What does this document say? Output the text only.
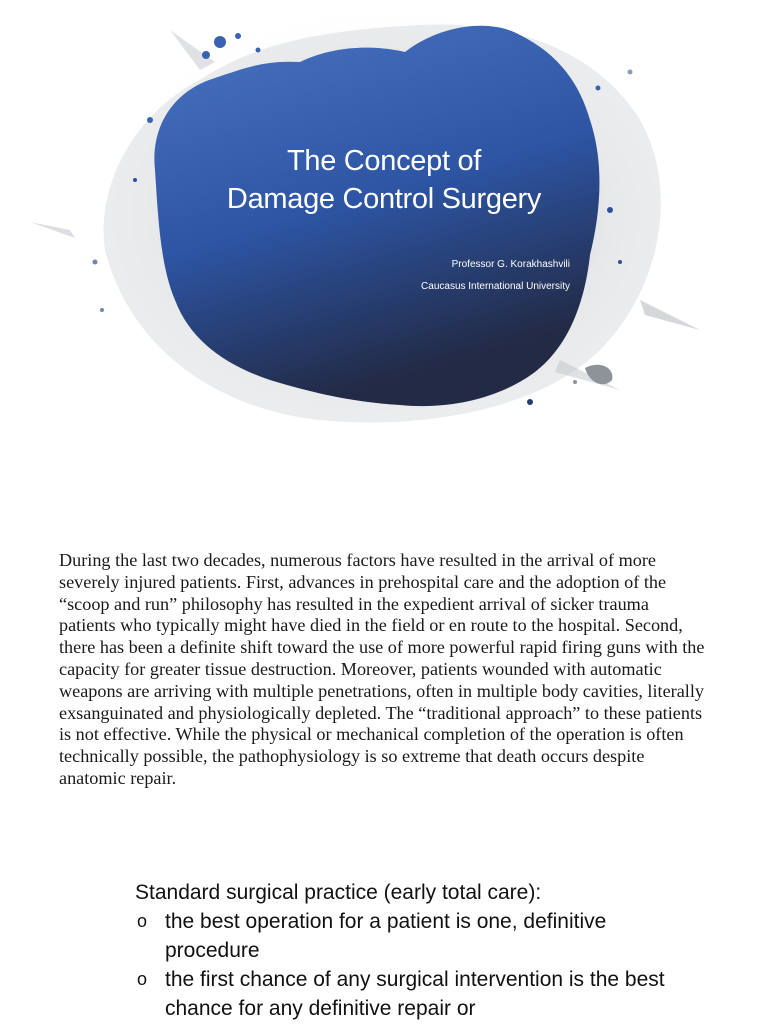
The Concept of
Damage Control Surgery
Professor G. Korakhashvili
Caucasus International University

During the last two decades, numerous factors have resulted in the arrival of more severely injured patients. First, advances in prehospital care and the adoption of the “scoop and run” philosophy has resulted in the expedient arrival of sicker trauma patients who typically might have died in the field or en route to the hospital. Second, there has been a definite shift toward the use of more powerful rapid firing guns with the capacity for greater tissue destruction. Moreover, patients wounded with automatic weapons are arriving with multiple penetrations, often in multiple body cavities, literally exsanguinated and physiologically depleted. The “traditional approach” to these patients is not effective. While the physical or mechanical completion of the operation is often technically possible, the pathophysiology is so extreme that death occurs despite anatomic repair.

Standard surgical practice (early total care):

o the best operation for a patient is one, definitive procedure
o the first chance of any surgical intervention is the best chance for any definitive repair or
